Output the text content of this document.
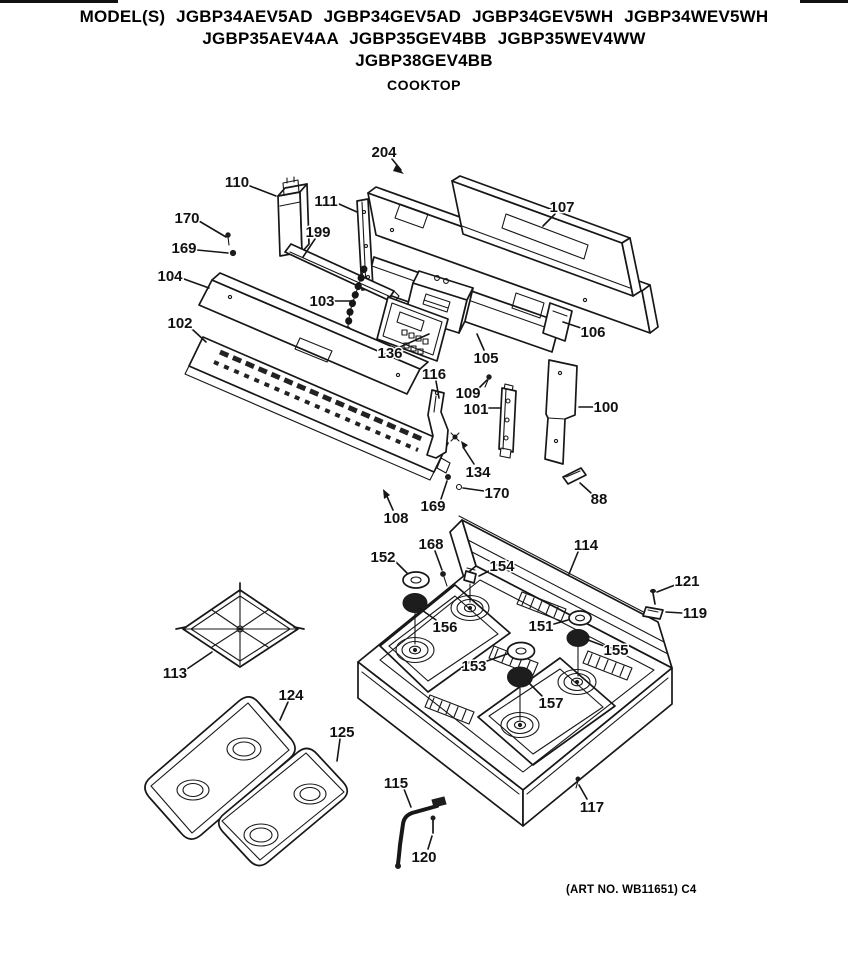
MODEL(S) JGBP34AEV5AD JGBP34GEV5AD JGBP34GEV5WH JGBP34WEV5WH
JGBP35AEV4AA JGBP35GEV4BB JGBP35WEV4WW
JGBP38GEV4BB
COOKTOP
204
110
111	107
170
169
199
104
102
103
136	105
106
116
109
101	100
134
170
169
108
88
152
168
154
114
121
119
151
156
155
153
157
113
124
125
115
120
117
(ART NO. WB11651) C4
